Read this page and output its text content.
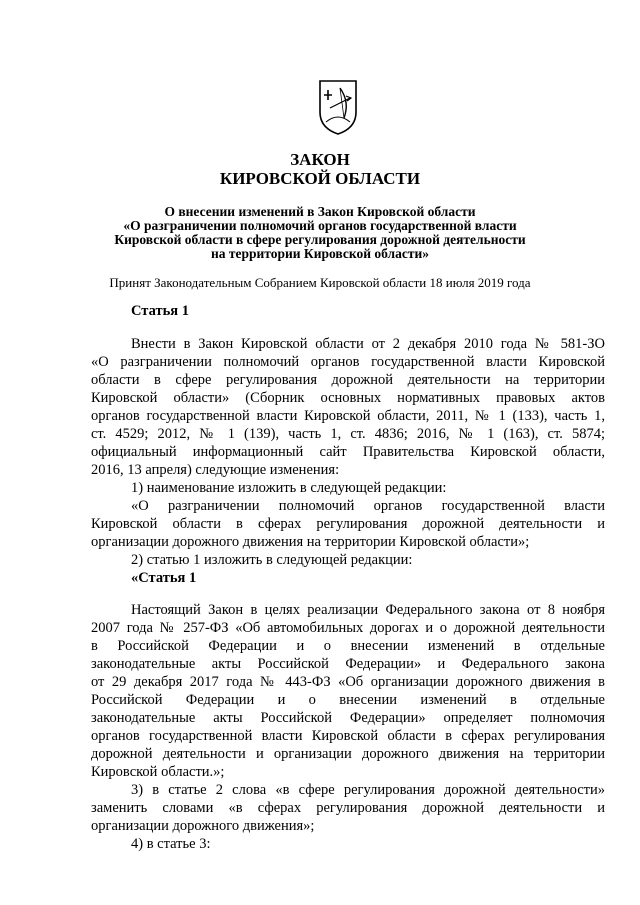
ЗАКОН
КИРОВСКОЙ ОБЛАСТИ
О внесении изменений в Закон Кировской области
«О разграничении полномочий органов государственной власти
Кировской области в сфере регулирования дорожной деятельности
на территории Кировской области»
Принят Законодательным Собранием Кировской области 18 июля 2019 года
Статья 1
Внести в Закон Кировской области от 2 декабря 2010 года № 581-ЗО
«О разграничении полномочий органов государственной власти Кировской
области в сфере регулирования дорожной деятельности на территории
Кировской области» (Сборник основных нормативных правовых актов
органов государственной власти Кировской области, 2011, № 1 (133), часть 1,
ст. 4529; 2012, № 1 (139), часть 1, ст. 4836; 2016, № 1 (163), ст. 5874;
официальный информационный сайт Правительства Кировской области,
2016, 13 апреля) следующие изменения:
1) наименование изложить в следующей редакции:
«О разграничении полномочий органов государственной власти
Кировской области в сферах регулирования дорожной деятельности и
организации дорожного движения на территории Кировской области»;
2) статью 1 изложить в следующей редакции:
«Статья 1
Настоящий Закон в целях реализации Федерального закона от 8 ноября
2007 года № 257-ФЗ «Об автомобильных дорогах и о дорожной деятельности
в Российской Федерации и о внесении изменений в отдельные
законодательные акты Российской Федерации» и Федерального закона
от 29 декабря 2017 года № 443-ФЗ «Об организации дорожного движения в
Российской Федерации и о внесении изменений в отдельные
законодательные акты Российской Федерации» определяет полномочия
органов государственной власти Кировской области в сферах регулирования
дорожной деятельности и организации дорожного движения на территории
Кировской области.»;
3) в статье 2 слова «в сфере регулирования дорожной деятельности»
заменить словами «в сферах регулирования дорожной деятельности и
организации дорожного движения»;
4) в статье 3:
